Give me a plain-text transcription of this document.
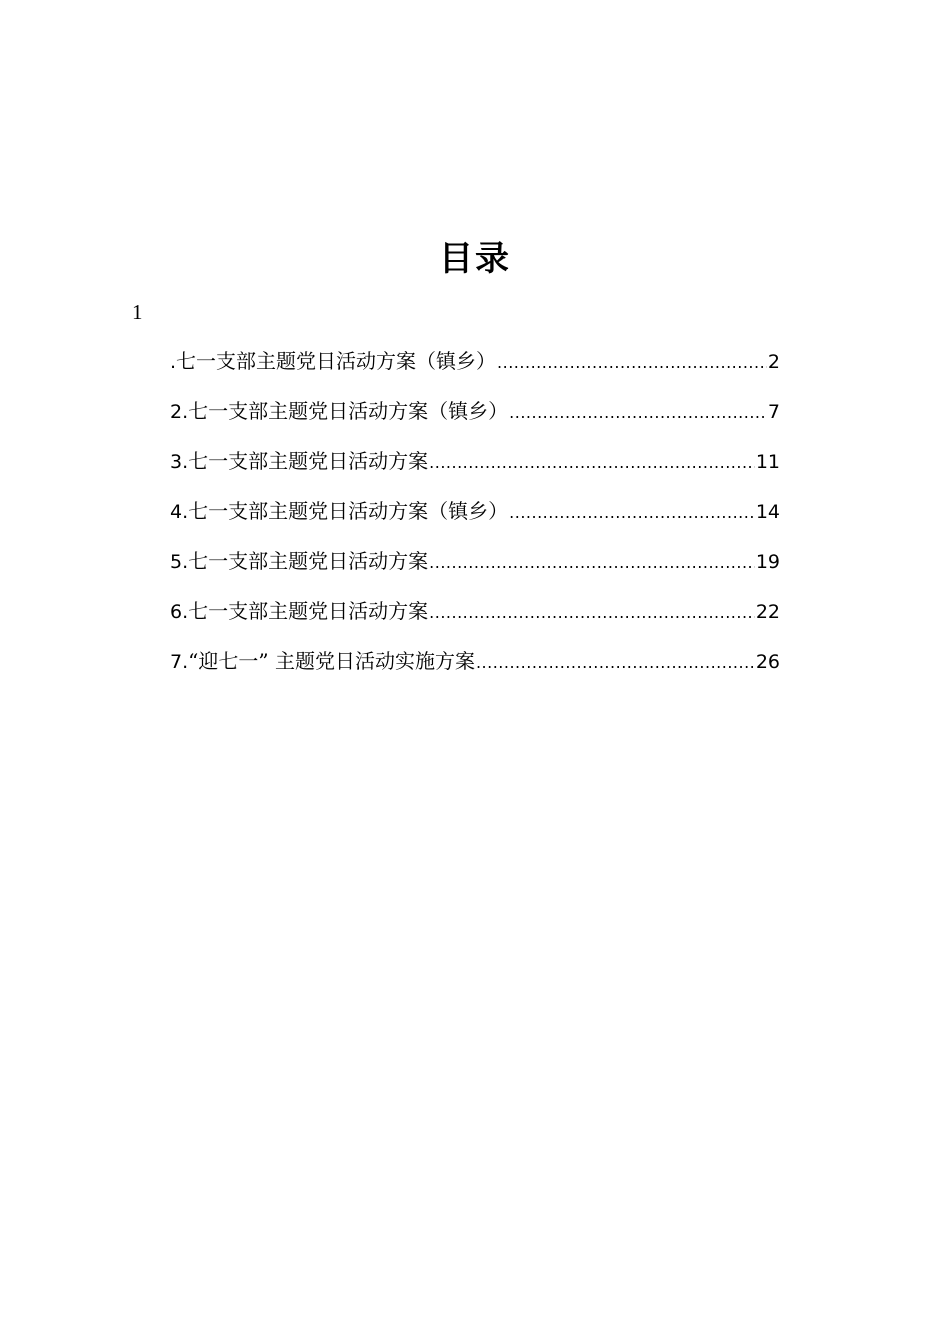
目录
1
. 七一支部主题党日活动方案（镇乡） .....	2
2. 七一支部主题党日活动方案（镇乡） .....	7
3. 七一支部主题党日活动方案 .....	11
4. 七一支部主题党日活动方案（镇乡） .....	14
5. 七一支部主题党日活动方案 .....	19
6. 七一支部主题党日活动方案 .....	22
7. “迎七一” 主题党日活动实施方案 .....	26
